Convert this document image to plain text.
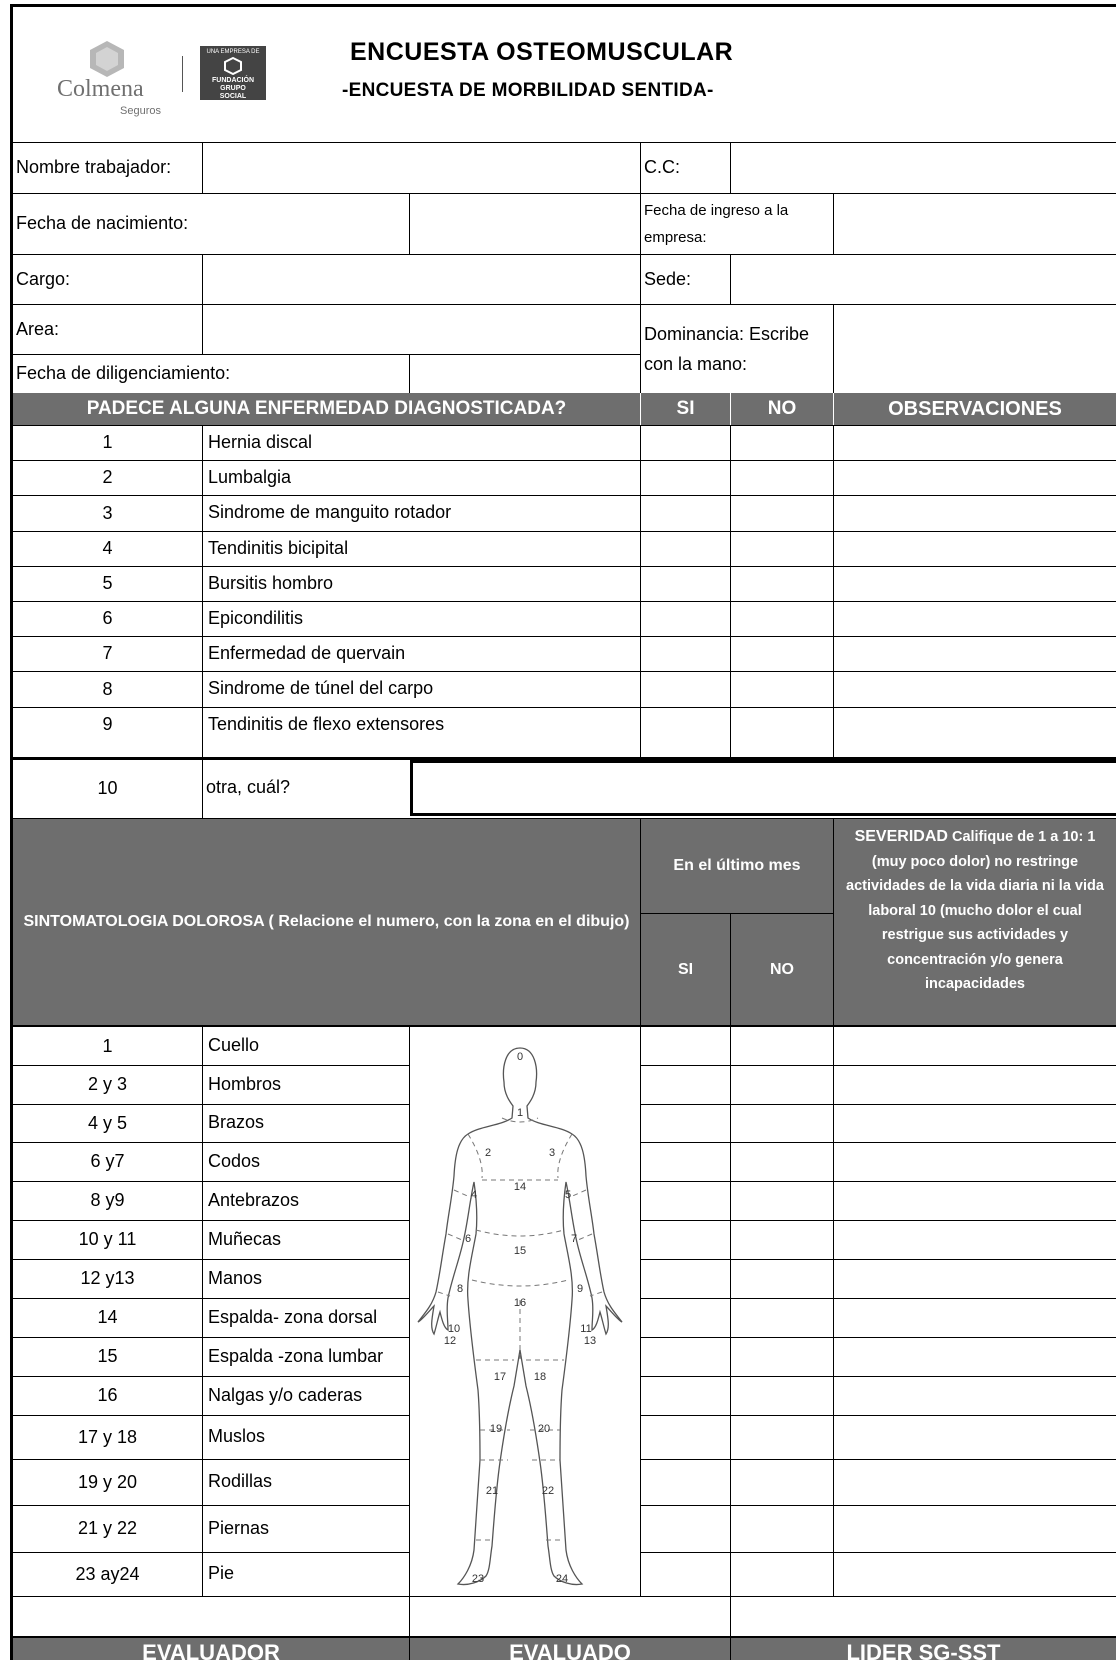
Colmena
Seguros
UNA EMPRESA DE
FUNDACIÓN GRUPO SOCIAL
ENCUESTA OSTEOMUSCULAR
-ENCUESTA DE MORBILIDAD SENTIDA-
Nombre trabajador:	C.C:
Fecha de nacimiento:
Fecha de ingreso a la empresa:
Cargo:	Sede:
Area:	Dominancia: Escribe con la mano:
Fecha de diligenciamiento:
PADECE ALGUNA ENFERMEDAD DIAGNOSTICADA?	SI	NO	OBSERVACIONES
1	Hernia discal
2	Lumbalgia
3	Sindrome de manguito rotador
4	Tendinitis bicipital
5	Bursitis hombro
6	Epicondilitis
7	Enfermedad de quervain
8	Sindrome de túnel del carpo
9	Tendinitis de flexo extensores
10	otra, cuál?
SINTOMATOLOGIA DOLOROSA ( Relacione el numero, con la zona en el dibujo)
En el último mes
SI	NO
SEVERIDAD Califique de 1 a 10: 1 (muy poco dolor) no restringe actividades de la vida diaria ni la vida laboral 10 (mucho dolor el cual restrigue sus actividades y concentración y/o genera incapacidades
1	Cuello
2 y 3	Hombros
4 y 5	Brazos
6 y7	Codos
8 y9	Antebrazos
10 y 11	Muñecas
12 y13	Manos
14	Espalda- zona dorsal
15	Espalda -zona lumbar
16	Nalgas y/o caderas
17 y 18	Muslos
19 y 20	Rodillas
21 y 22	Piernas
23 ay24	Pie
0
1
2	3
4	5
6	7
8	9
10	11
12	13
14
15
16
17	18
19	20
21	22
23	24
EVALUADOR	EVALUADO	LIDER SG-SST
